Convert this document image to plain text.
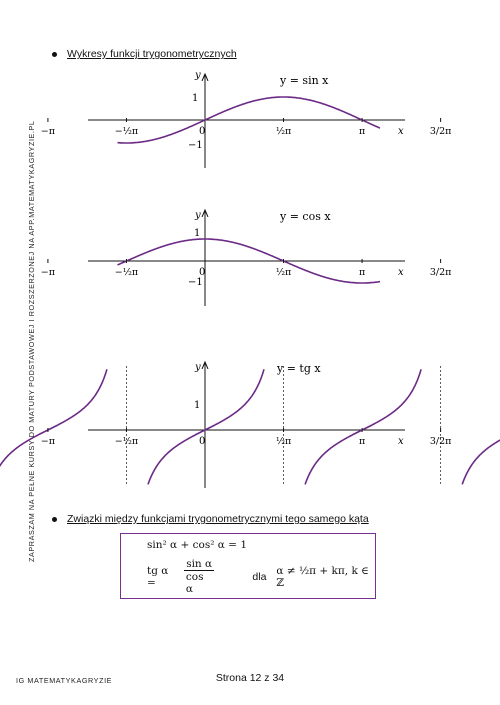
Wykresy funkcji trygonometrycznych
ZAPRASZAM NA PEŁNE KURSY DO MATURY PODSTAWOWEJ I ROZSZERZONEJ NA APP.MATEMATYKAGRYZIE.PL
y
x
y = sin x
−π	−½π	0	½π	π	3/2π
1
−1
y
x
y = cos x
−π	−½π	0	½π	π	3/2π
1
−1
y
x
y = tg x
−π	−½π	0	½π	π	3/2π
1
Związki między funkcjami trygonometrycznymi tego samego kąta
sin² α + cos² α = 1
tg α =
sin α
cos α
dla α ≠ ½π + kπ, k ∈ ℤ
IG MATEMATYKAGRYZIE	Strona 12 z 34
